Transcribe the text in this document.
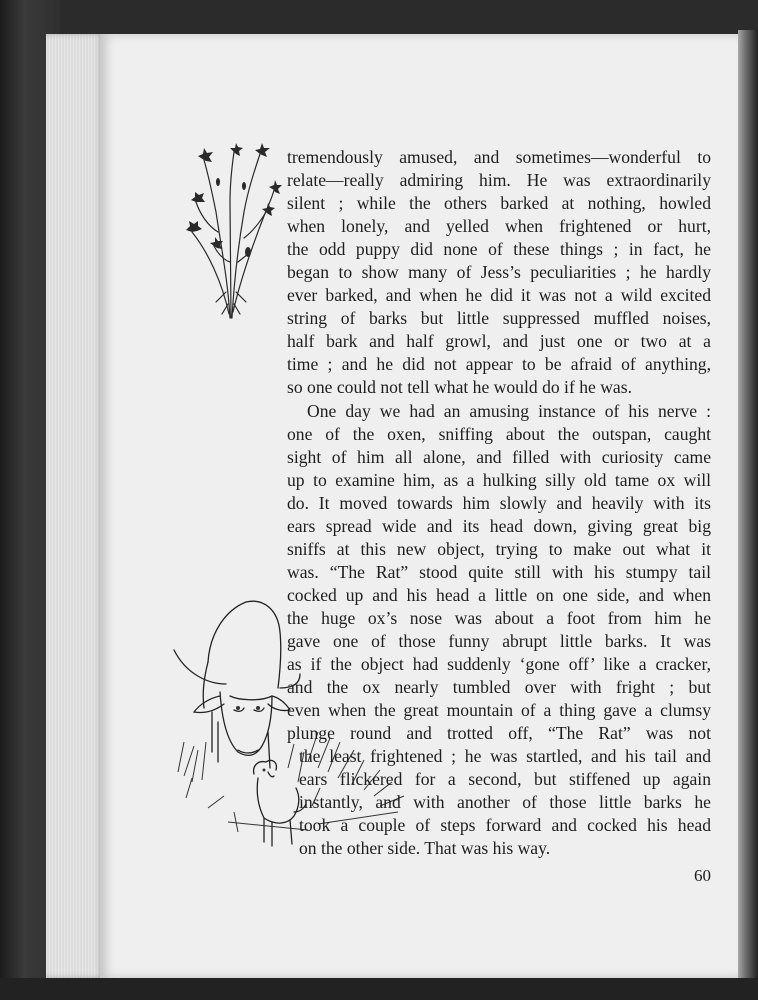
tremendously amused, and sometimes—wonderful to
relate—really admiring him. He was extraordinarily
silent ; while the others barked at nothing, howled
when lonely, and yelled when frightened or hurt,
the odd puppy did none of these things ; in fact, he
began to show many of Jess’s peculiarities ; he hardly
ever barked, and when he did it was not a wild excited
string of barks but little suppressed muffled noises,
half bark and half growl, and just one or two at a
time ; and he did not appear to be afraid of anything,
so one could not tell what he would do if he was.
One day we had an amusing instance of his nerve :
one of the oxen, sniffing about the outspan, caught
sight of him all alone, and filled with curiosity came
up to examine him, as a hulking silly old tame ox will
do. It moved towards him slowly and heavily with its
ears spread wide and its head down, giving great big
sniffs at this new object, trying to make out what it
was. “The Rat” stood quite still with his stumpy tail
cocked up and his head a little on one side, and when
the huge ox’s nose was about a foot from him he
gave one of those funny abrupt little barks. It was
as if the object had suddenly ‘gone off’ like a cracker,
and the ox nearly tumbled over with fright ; but
even when the great mountain of a thing gave a clumsy
plunge round and trotted off, “The Rat” was not
the least frightened ; he was startled, and his tail and
ears flickered for a second, but stiffened up again
instantly, and with another of those little barks he
took a couple of steps forward and cocked his head
on the other side. That was his way.
60
